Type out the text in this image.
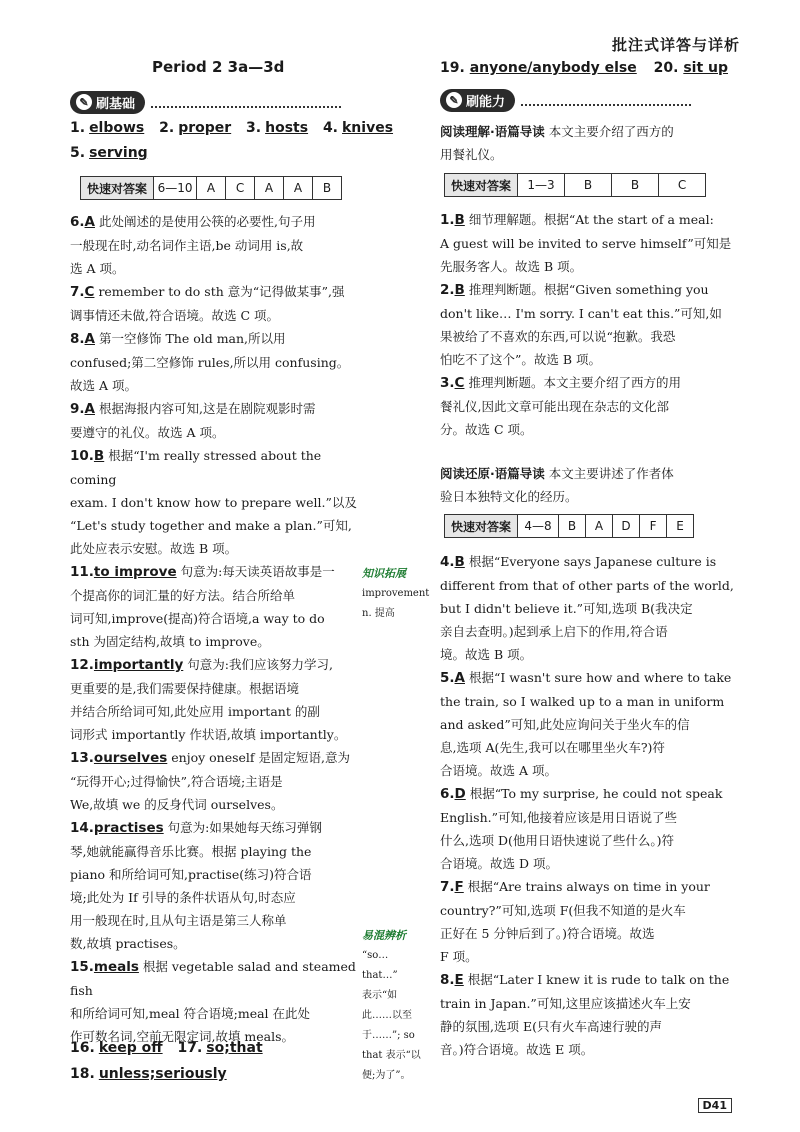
批注式详答与详析
Period 2 3a—3d	19. anyone/anybody else 20. sit up
✎ 刷基础
1. elbows 2. proper 3. hosts 4. knives
5. serving
快速对答案	6—10	A	C	A	A	B
6.A 此处阐述的是使用公筷的必要性,句子用
一般现在时,动名词作主语,be 动词用 is,故
选 A 项。
7.C remember to do sth 意为“记得做某事”,强
调事情还未做,符合语境。故选 C 项。
8.A 第一空修饰 The old man,所以用
confused;第二空修饰 rules,所以用 confusing。
故选 A 项。
9.A 根据海报内容可知,这是在剧院观影时需
要遵守的礼仪。故选 A 项。
10.B 根据“I'm really stressed about the coming
exam. I don't know how to prepare well.”以及
“Let's study together and make a plan.”可知,
此处应表示安慰。故选 B 项。
11.to improve 句意为:每天读英语故事是一
个提高你的词汇量的好方法。结合所给单
词可知,improve(提高)符合语境,a way to do
sth 为固定结构,故填 to improve。
12.importantly 句意为:我们应该努力学习,
更重要的是,我们需要保持健康。根据语境
并结合所给词可知,此处应用 important 的副
词形式 importantly 作状语,故填 importantly。
13.ourselves enjoy oneself 是固定短语,意为
“玩得开心;过得愉快”,符合语境;主语是
We,故填 we 的反身代词 ourselves。
14.practises 句意为:如果她每天练习弹钢
琴,她就能赢得音乐比赛。根据 playing the
piano 和所给词可知,practise(练习)符合语
境;此处为 If 引导的条件状语从句,时态应
用一般现在时,且从句主语是第三人称单
数,故填 practises。
15.meals 根据 vegetable salad and steamed fish
和所给词可知,meal 符合语境;meal 在此处
作可数名词,空前无限定词,故填 meals。
16. keep off 17. so;that
18. unless;seriously
知识拓展
improvement
n. 提高
易混辨析
“so… that…”
表示“如
此……以至
于……”; so
that 表示“以
便;为了”。
✎ 刷能力
阅读理解·语篇导读 本文主要介绍了西方的
用餐礼仪。
快速对答案	1—3	B	B	C
1.B 细节理解题。根据“At the start of a meal:
A guest will be invited to serve himself”可知是
先服务客人。故选 B 项。
2.B 推理判断题。根据“Given something you
don't like… I'm sorry. I can't eat this.”可知,如
果被给了不喜欢的东西,可以说“抱歉。我恐
怕吃不了这个”。故选 B 项。
3.C 推理判断题。本文主要介绍了西方的用
餐礼仪,因此文章可能出现在杂志的文化部
分。故选 C 项。
阅读还原·语篇导读 本文主要讲述了作者体
验日本独特文化的经历。
快速对答案	4—8	B	A	D	F	E
4.B 根据“Everyone says Japanese culture is
different from that of other parts of the world,
but I didn't believe it.”可知,选项 B(我决定
亲自去查明。)起到承上启下的作用,符合语
境。故选 B 项。
5.A 根据“I wasn't sure how and where to take
the train, so I walked up to a man in uniform
and asked”可知,此处应询问关于坐火车的信
息,选项 A(先生,我可以在哪里坐火车?)符
合语境。故选 A 项。
6.D 根据“To my surprise, he could not speak
English.”可知,他接着应该是用日语说了些
什么,选项 D(他用日语快速说了些什么。)符
合语境。故选 D 项。
7.F 根据“Are trains always on time in your
country?”可知,选项 F(但我不知道的是火车
正好在 5 分钟后到了。)符合语境。故选
F 项。
8.E 根据“Later I knew it is rude to talk on the
train in Japan.”可知,这里应该描述火车上安
静的氛围,选项 E(只有火车高速行驶的声
音。)符合语境。故选 E 项。
D41
